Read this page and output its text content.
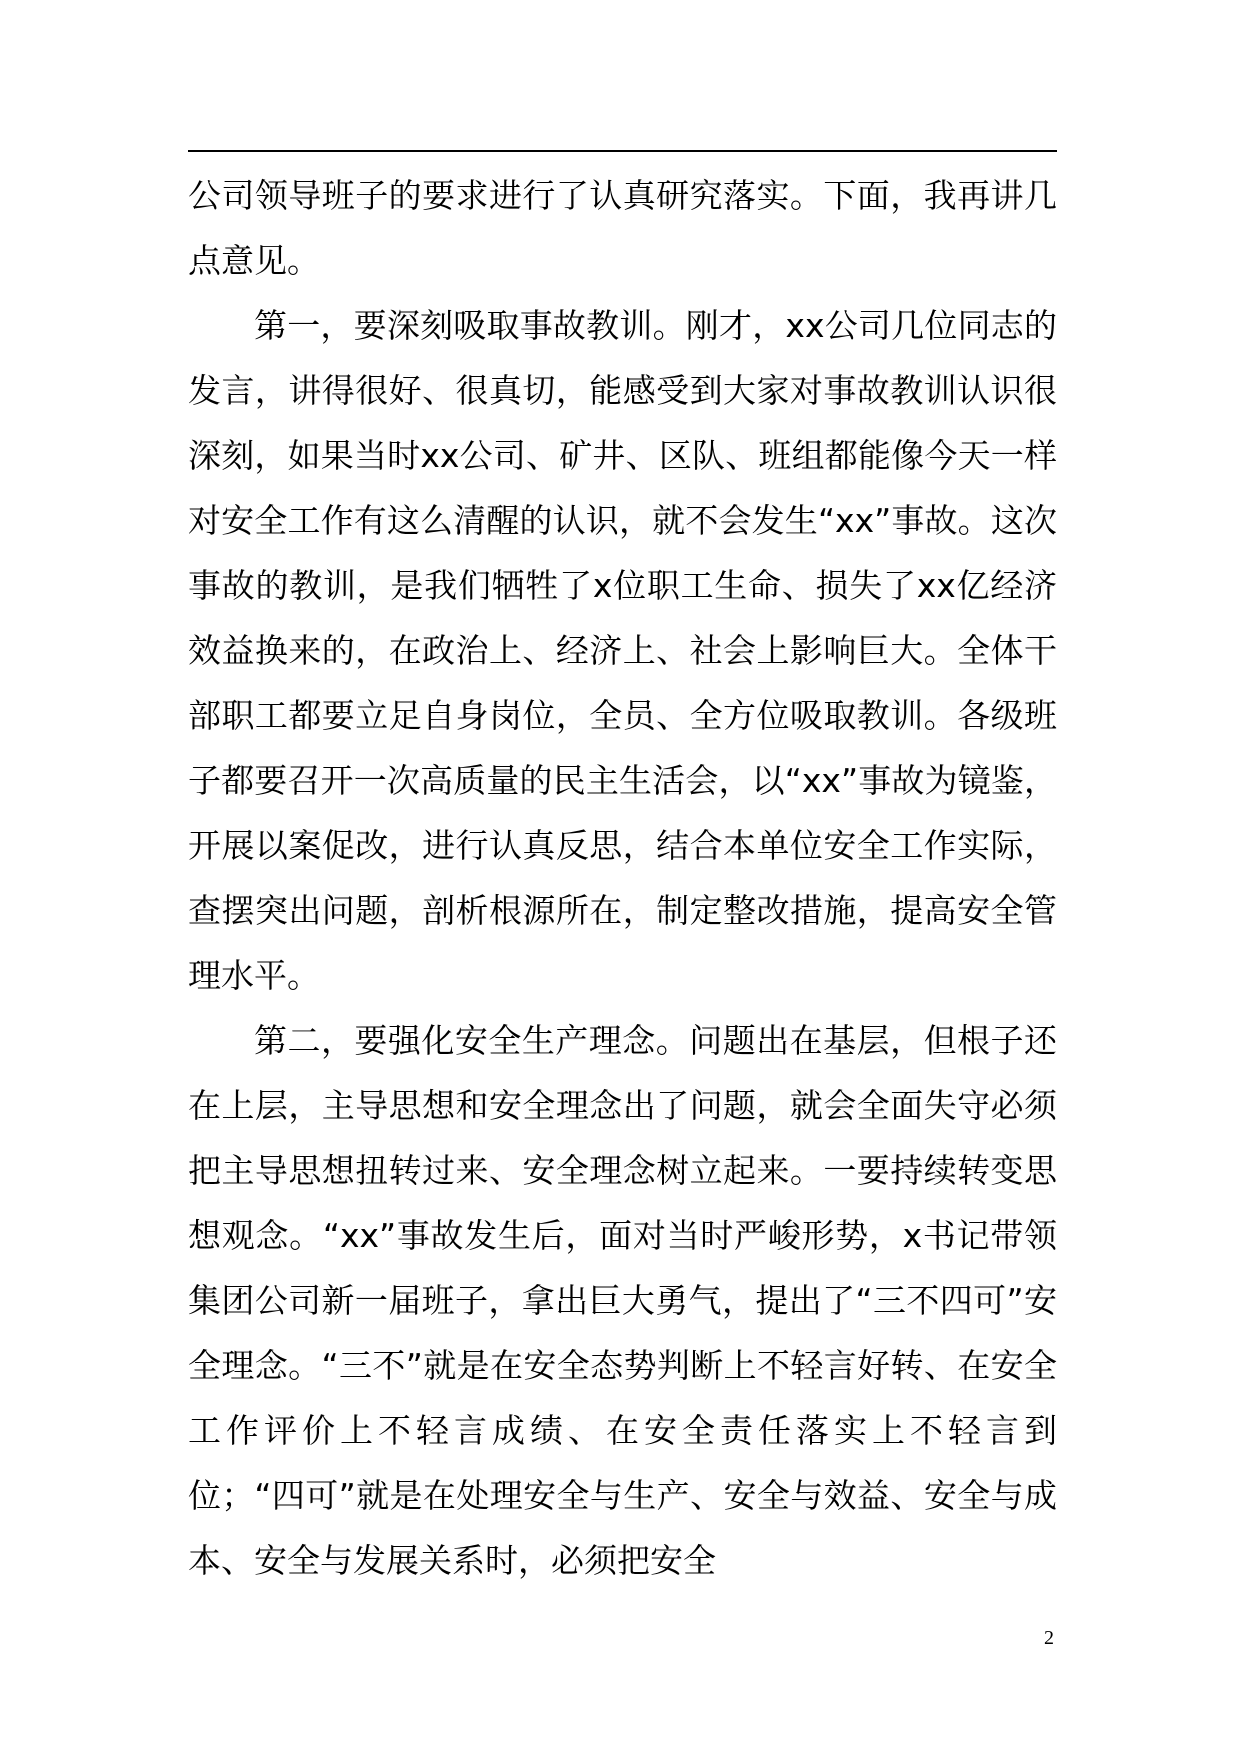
公司领导班子的要求进行了认真研究落实。下面，我再讲几点意见。

第一，要深刻吸取事故教训。刚才，xx公司几位同志的发言，讲得很好、很真切，能感受到大家对事故教训认识很深刻，如果当时xx公司、矿井、区队、班组都能像今天一样对安全工作有这么清醒的认识，就不会发生“xx”事故。这次事故的教训，是我们牺牲了x位职工生命、损失了xx亿经济效益换来的，在政治上、经济上、社会上影响巨大。全体干部职工都要立足自身岗位，全员、全方位吸取教训。各级班子都要召开一次高质量的民主生活会，以“xx”事故为镜鉴，开展以案促改，进行认真反思，结合本单位安全工作实际，查摆突出问题，剖析根源所在，制定整改措施，提高安全管理水平。

第二，要强化安全生产理念。问题出在基层，但根子还在上层，主导思想和安全理念出了问题，就会全面失守必须把主导思想扭转过来、安全理念树立起来。一要持续转变思想观念。“xx”事故发生后，面对当时严峻形势，x书记带领集团公司新一届班子，拿出巨大勇气，提出了“三不四可”安全理念。“三不”就是在安全态势判断上不轻言好转、在安全工作评价上不轻言成绩、在安全责任落实上不轻言到位；“四可”就是在处理安全与生产、安全与效益、安全与成本、安全与发展关系时，必须把安全

2
